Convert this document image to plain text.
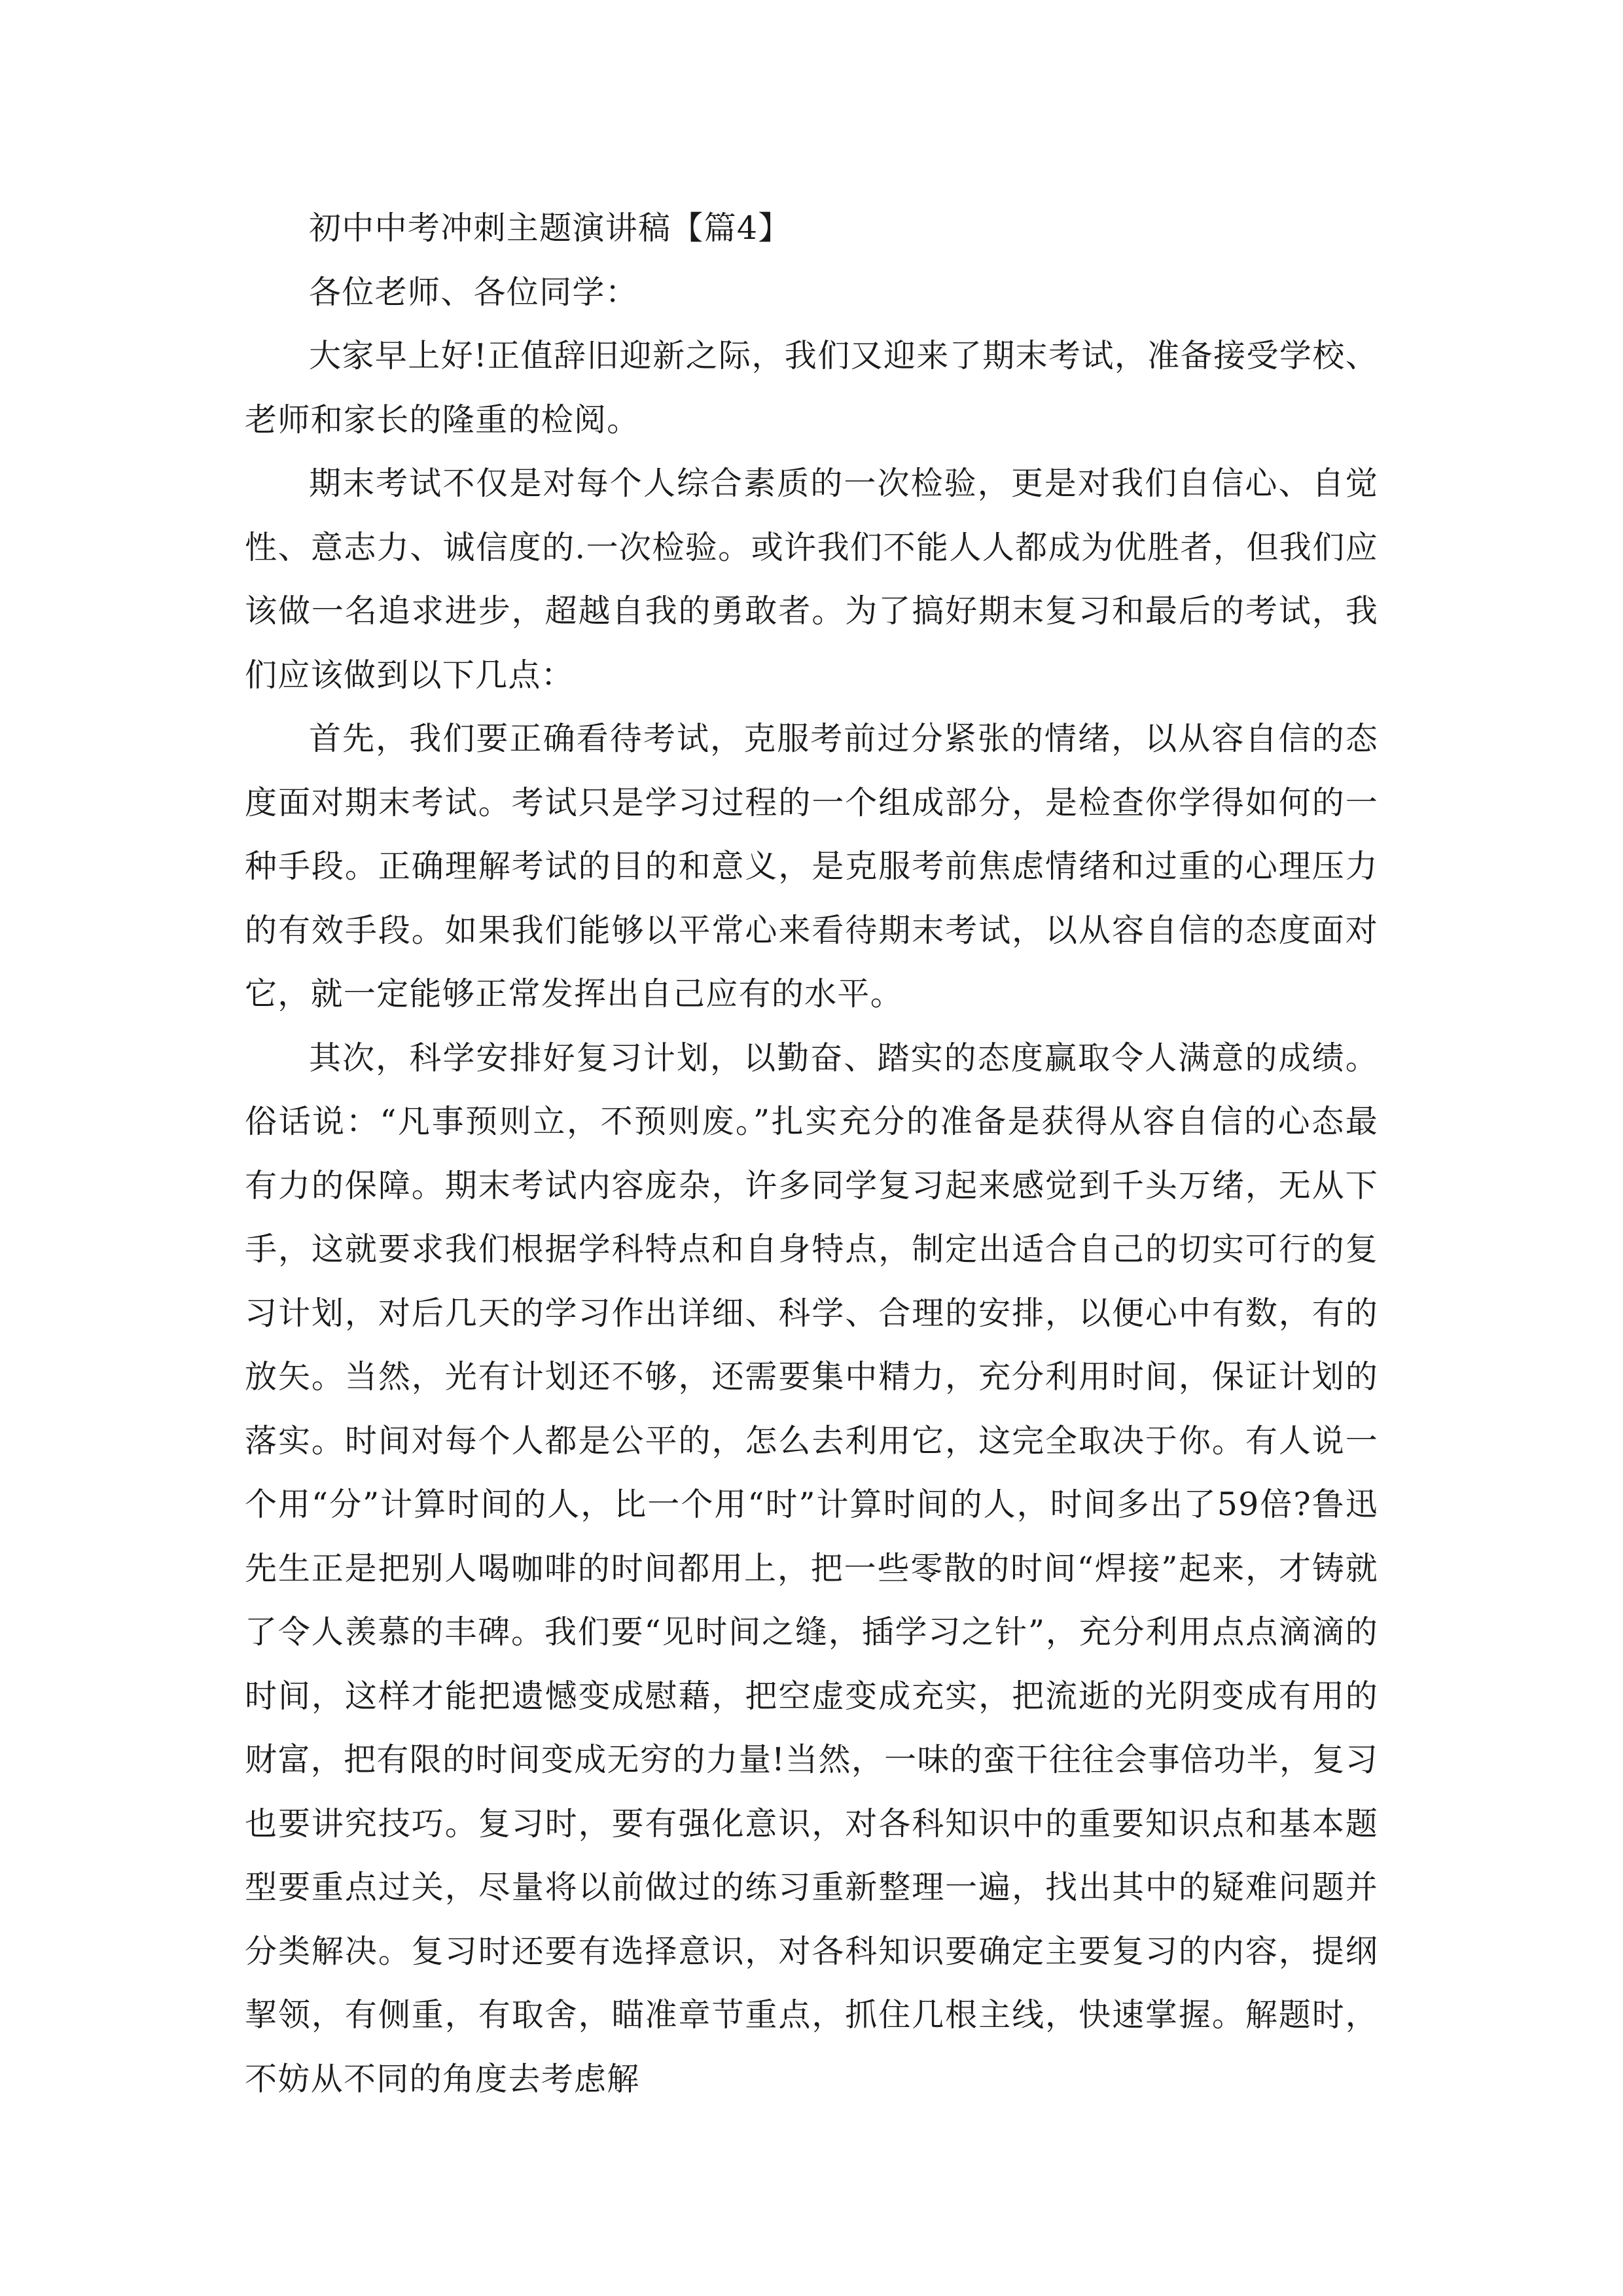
初中中考冲刺主题演讲稿【篇4】

各位老师、各位同学：

大家早上好!正值辞旧迎新之际，我们又迎来了期末考试，准备接受学校、老师和家长的隆重的检阅。

期末考试不仅是对每个人综合素质的一次检验，更是对我们自信心、自觉性、意志力、诚信度的.一次检验。或许我们不能人人都成为优胜者，但我们应该做一名追求进步，超越自我的勇敢者。为了搞好期末复习和最后的考试，我们应该做到以下几点：

首先，我们要正确看待考试，克服考前过分紧张的情绪，以从容自信的态度面对期末考试。考试只是学习过程的一个组成部分，是检查你学得如何的一种手段。正确理解考试的目的和意义，是克服考前焦虑情绪和过重的心理压力的有效手段。如果我们能够以平常心来看待期末考试，以从容自信的态度面对它，就一定能够正常发挥出自己应有的水平。

其次，科学安排好复习计划，以勤奋、踏实的态度赢取令人满意的成绩。俗话说：“凡事预则立，不预则废。”扎实充分的准备是获得从容自信的心态最有力的保障。期末考试内容庞杂，许多同学复习起来感觉到千头万绪，无从下手，这就要求我们根据学科特点和自身特点，制定出适合自己的切实可行的复习计划，对后几天的学习作出详细、科学、合理的安排，以便心中有数，有的放矢。当然，光有计划还不够，还需要集中精力，充分利用时间，保证计划的落实。时间对每个人都是公平的，怎么去利用它，这完全取决于你。有人说一个用“分”计算时间的人，比一个用“时”计算时间的人，时间多出了59倍?鲁迅先生正是把别人喝咖啡的时间都用上，把一些零散的时间“焊接”起来，才铸就了令人羡慕的丰碑。我们要“见时间之缝，插学习之针”，充分利用点点滴滴的时间，这样才能把遗憾变成慰藉，把空虚变成充实，把流逝的光阴变成有用的财富，把有限的时间变成无穷的力量!当然，一味的蛮干往往会事倍功半，复习也要讲究技巧。复习时，要有强化意识，对各科知识中的重要知识点和基本题型要重点过关，尽量将以前做过的练习重新整理一遍，找出其中的疑难问题并分类解决。复习时还要有选择意识，对各科知识要确定主要复习的内容，提纲挈领，有侧重，有取舍，瞄准章节重点，抓住几根主线，快速掌握。解题时，不妨从不同的角度去考虑解
